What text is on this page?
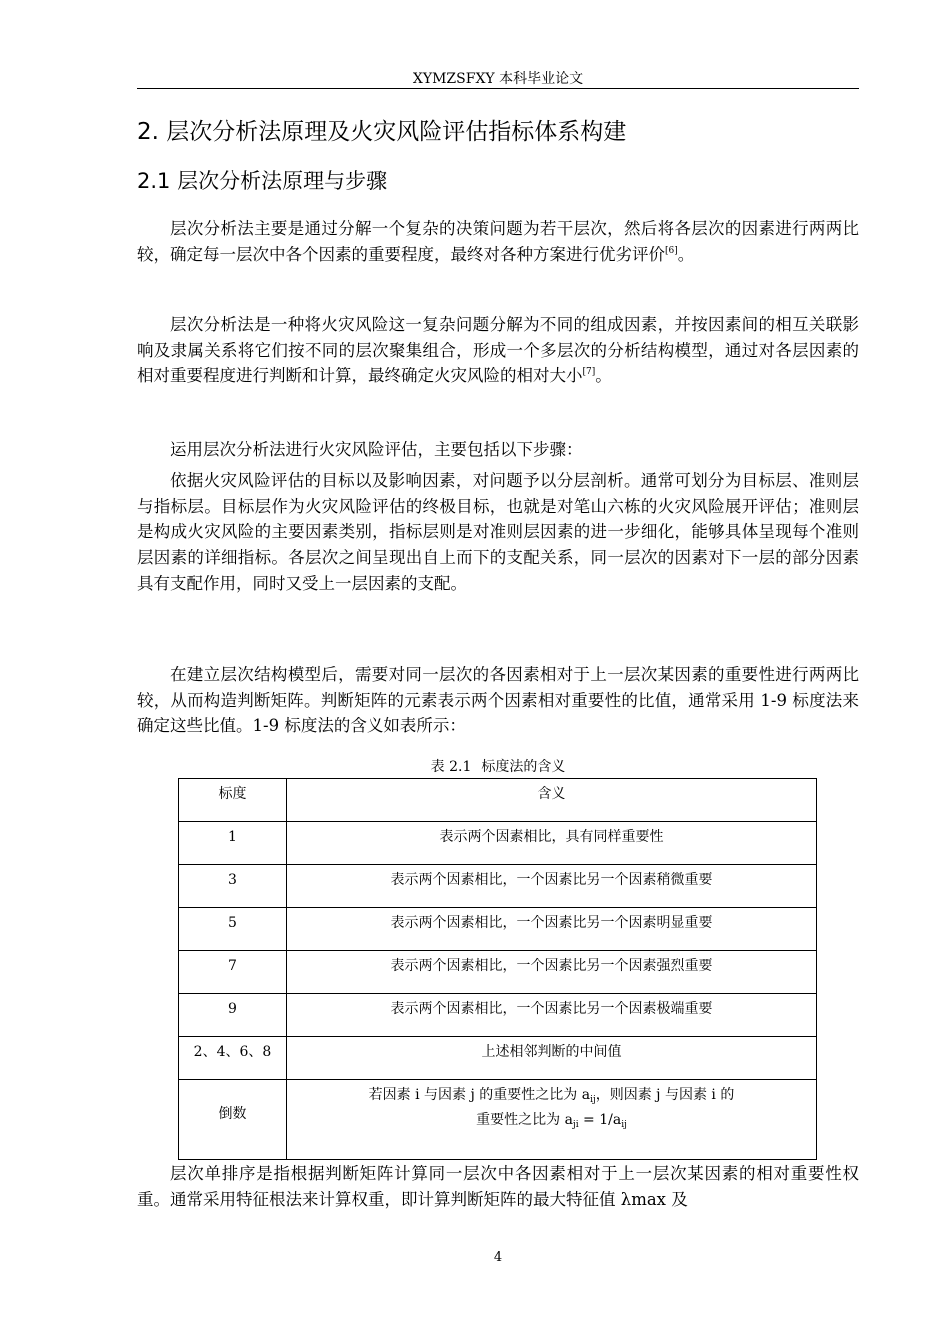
XYMZSFXY 本科毕业论文
2. 层次分析法原理及火灾风险评估指标体系构建
2.1 层次分析法原理与步骤
层次分析法主要是通过分解一个复杂的决策问题为若干层次，然后将各层次的因素进行两两比较，确定每一层次中各个因素的重要程度，最终对各种方案进行优劣评价[6]。
层次分析法是一种将火灾风险这一复杂问题分解为不同的组成因素，并按因素间的相互关联影响及隶属关系将它们按不同的层次聚集组合，形成一个多层次的分析结构模型，通过对各层因素的相对重要程度进行判断和计算，最终确定火灾风险的相对大小[7]。
运用层次分析法进行火灾风险评估，主要包括以下步骤：
依据火灾风险评估的目标以及影响因素，对问题予以分层剖析。通常可划分为目标层、准则层与指标层。目标层作为火灾风险评估的终极目标，也就是对笔山六栋的火灾风险展开评估；准则层是构成火灾风险的主要因素类别，指标层则是对准则层因素的进一步细化，能够具体呈现每个准则层因素的详细指标。各层次之间呈现出自上而下的支配关系，同一层次的因素对下一层的部分因素具有支配作用，同时又受上一层因素的支配。
在建立层次结构模型后，需要对同一层次的各因素相对于上一层次某因素的重要性进行两两比较，从而构造判断矩阵。判断矩阵的元素表示两个因素相对重要性的比值，通常采用 1-9 标度法来确定这些比值。1-9 标度法的含义如表所示：
表 2.1 标度法的含义
标度	含义
1	表示两个因素相比，具有同样重要性
3	表示两个因素相比，一个因素比另一个因素稍微重要
5	表示两个因素相比，一个因素比另一个因素明显重要
7	表示两个因素相比，一个因素比另一个因素强烈重要
9	表示两个因素相比，一个因素比另一个因素极端重要
2、4、6、8	上述相邻判断的中间值
倒数	若因素 i 与因素 j 的重要性之比为 $a_{ij}$，则因素 j 与因素 i 的
重要性之比为 $a_{ji} = 1/a_{ij}$
层次单排序是指根据判断矩阵计算同一层次中各因素相对于上一层次某因素的相对重要性权重。通常采用特征根法来计算权重，即计算判断矩阵的最大特征值 λmax 及
4
